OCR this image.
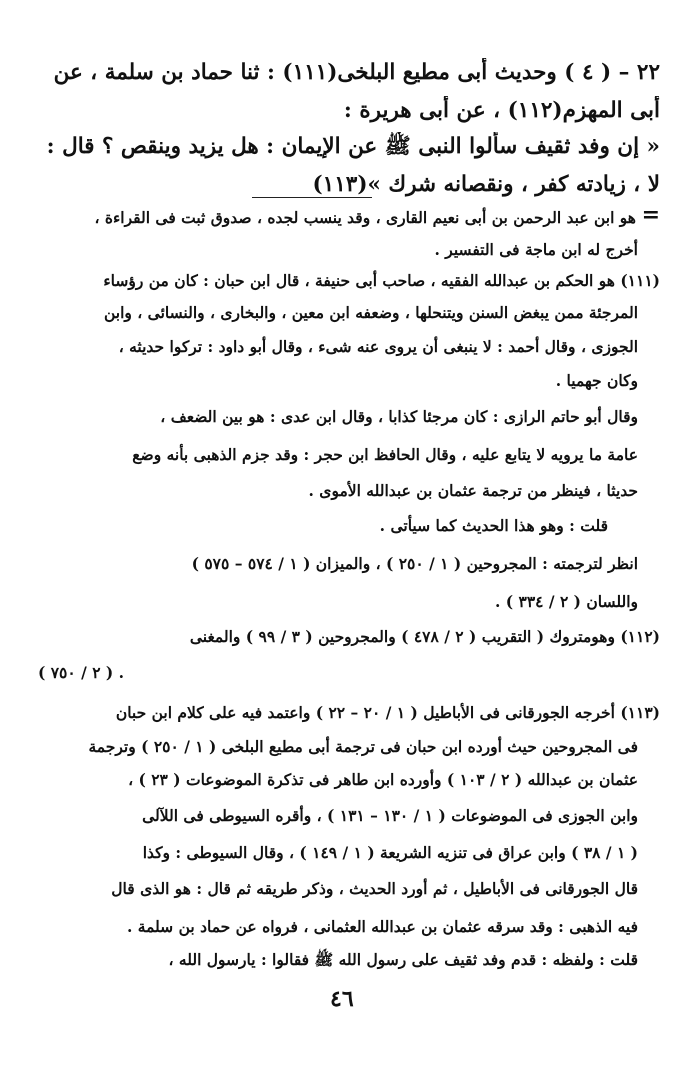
٢٢ – ( ٤ ) وحديث أبى مطيع البلخى(١١١) : ثنا حماد بن سلمة ، عن
أبى المهزم(١١٢) ، عن أبى هريرة :
« إن وفد ثقيف سألوا النبى ﷺ عن الإيمان : هل يزيد وينقص ؟ قال :
لا ، زيادته كفر ، ونقصانه شرك »(١١٣)
=
هو ابن عبد الرحمن بن أبى نعيم القارى ، وقد ينسب لجده ، صدوق ثبت فى القراءة ،
أخرج له ابن ماجة فى التفسير .
(١١١) هو الحكم بن عبدالله الفقيه ، صاحب أبى حنيفة ، قال ابن حبان : كان من رؤساء
المرجئة ممن يبغض السنن ويتنحلها ، وضعفه ابن معين ، والبخارى ، والنسائى ، وابن
الجوزى ، وقال أحمد : لا ينبغى أن يروى عنه شىء ، وقال أبو داود : تركوا حديثه ،
وكان جهميا .
وقال أبو حاتم الرازى : كان مرجئا كذابا ، وقال ابن عدى : هو بين الضعف ،
عامة ما يرويه لا يتابع عليه ، وقال الحافظ ابن حجر : وقد جزم الذهبى بأنه وضع
حديثا ، فينظر من ترجمة عثمان بن عبدالله الأموى .
قلت : وهو هذا الحديث كما سيأتى .
انظر لترجمته : المجروحين ( ١ / ٢٥٠ ) ، والميزان ( ١ / ٥٧٤ – ٥٧٥ )
واللسان ( ٢ / ٣٣٤ ) .
(١١٢) وهومتروك ( التقريب ( ٢ / ٤٧٨ ) والمجروحين ( ٣ / ٩٩ ) والمغنى
( ٢ / ٧٥٠ ) .
(١١٣) أخرجه الجورقانى فى الأباطيل ( ١ / ٢٠ – ٢٢ ) واعتمد فيه على كلام ابن حبان
فى المجروحين حيث أورده ابن حبان فى ترجمة أبى مطيع البلخى ( ١ / ٢٥٠ ) وترجمة
عثمان بن عبدالله ( ٢ / ١٠٣ ) وأورده ابن طاهر فى تذكرة الموضوعات ( ٢٣ ) ،
وابن الجوزى فى الموضوعات ( ١ / ١٣٠ – ١٣١ ) ، وأقره السيوطى فى اللآلى
( ١ / ٣٨ ) وابن عراق فى تنزيه الشريعة ( ١ / ١٤٩ ) ، وقال السيوطى : وكذا
قال الجورقانى فى الأباطيل ، ثم أورد الحديث ، وذكر طريقه ثم قال : هو الذى قال
فيه الذهبى : وقد سرقه عثمان بن عبدالله العثمانى ، فرواه عن حماد بن سلمة .
قلت : ولفظه : قدم وفد ثقيف على رسول الله ﷺ فقالوا : يارسول الله ،
٤٦
